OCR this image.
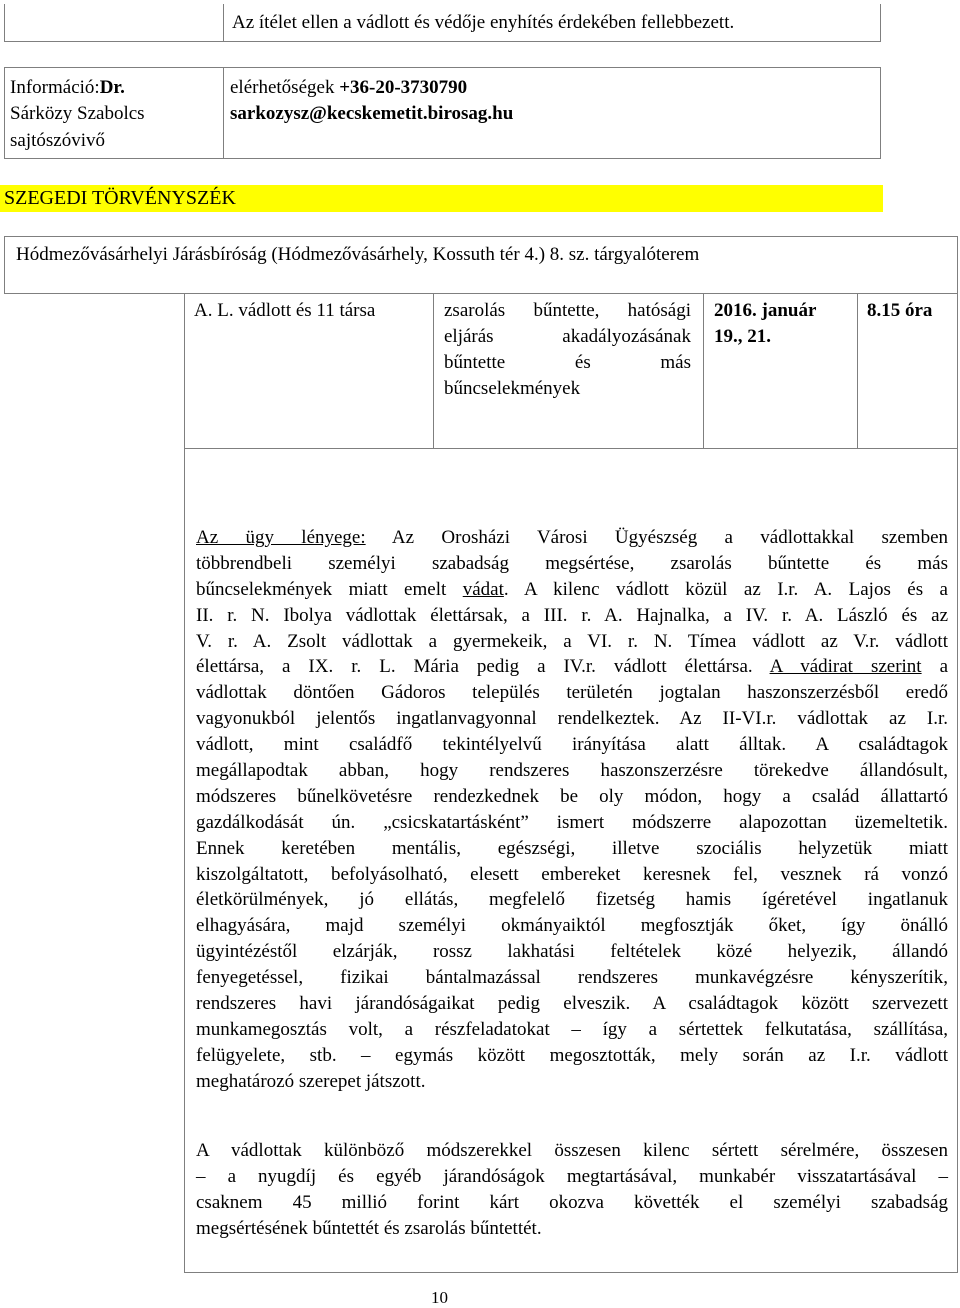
Az ítélet ellen a vádlott és védője enyhítés érdekében fellebbezett.
Információ:Dr.
Sárközy Szabolcs
sajtószóvivő
elérhetőségek +36-20-3730790
sarkozysz@kecskemetit.birosag.hu
SZEGEDI TÖRVÉNYSZÉK
Hódmezővásárhelyi Járásbíróság (Hódmezővásárhely, Kossuth tér 4.) 8. sz. tárgyalóterem
A. L. vádlott és 11 társa	zsarolás bűntette, hatósági
eljárás akadályozásának
bűntette és más
bűncselekmények
2016. január
19., 21.
8.15 óra
Az ügy lényege: Az Orosházi Városi Ügyészség a vádlottakkal szemben
többrendbeli személyi szabadság megsértése, zsarolás bűntette és más
bűncselekmények miatt emelt vádat. A kilenc vádlott közül az I.r. A. Lajos és a
II. r. N. Ibolya vádlottak élettársak, a III. r. A. Hajnalka, a IV. r. A. László és az
V. r. A. Zsolt vádlottak a gyermekeik, a VI. r. N. Tímea vádlott az V.r. vádlott
élettársa, a IX. r. L. Mária pedig a IV.r. vádlott élettársa. A vádirat szerint a
vádlottak döntően Gádoros település területén jogtalan haszonszerzésből eredő
vagyonukból jelentős ingatlanvagyonnal rendelkeztek. Az II-VI.r. vádlottak az I.r.
vádlott, mint családfő tekintélyelvű irányítása alatt álltak. A családtagok
megállapodtak abban, hogy rendszeres haszonszerzésre törekedve állandósult,
módszeres bűnelkövetésre rendezkednek be oly módon, hogy a család állattartó
gazdálkodását ún. „csicskatartásként” ismert módszerre alapozottan üzemeltetik.
Ennek keretében mentális, egészségi, illetve szociális helyzetük miatt
kiszolgáltatott, befolyásolható, elesett embereket keresnek fel, vesznek rá vonzó
életkörülmények, jó ellátás, megfelelő fizetség hamis ígéretével ingatlanuk
elhagyására, majd személyi okmányaiktól megfosztják őket, így önálló
ügyintézéstől elzárják, rossz lakhatási feltételek közé helyezik, állandó
fenyegetéssel, fizikai bántalmazással rendszeres munkavégzésre kényszerítik,
rendszeres havi járandóságaikat pedig elveszik. A családtagok között szervezett
munkamegosztás volt, a részfeladatokat – így a sértettek felkutatása, szállítása,
felügyelete, stb. – egymás között megosztották, mely során az I.r. vádlott
meghatározó szerepet játszott.
A vádlottak különböző módszerekkel összesen kilenc sértett sérelmére, összesen
– a nyugdíj és egyéb járandóságok megtartásával, munkabér visszatartásával –
csaknem 45 millió forint kárt okozva követték el személyi szabadság
megsértésének bűntettét és zsarolás bűntettét.
10
